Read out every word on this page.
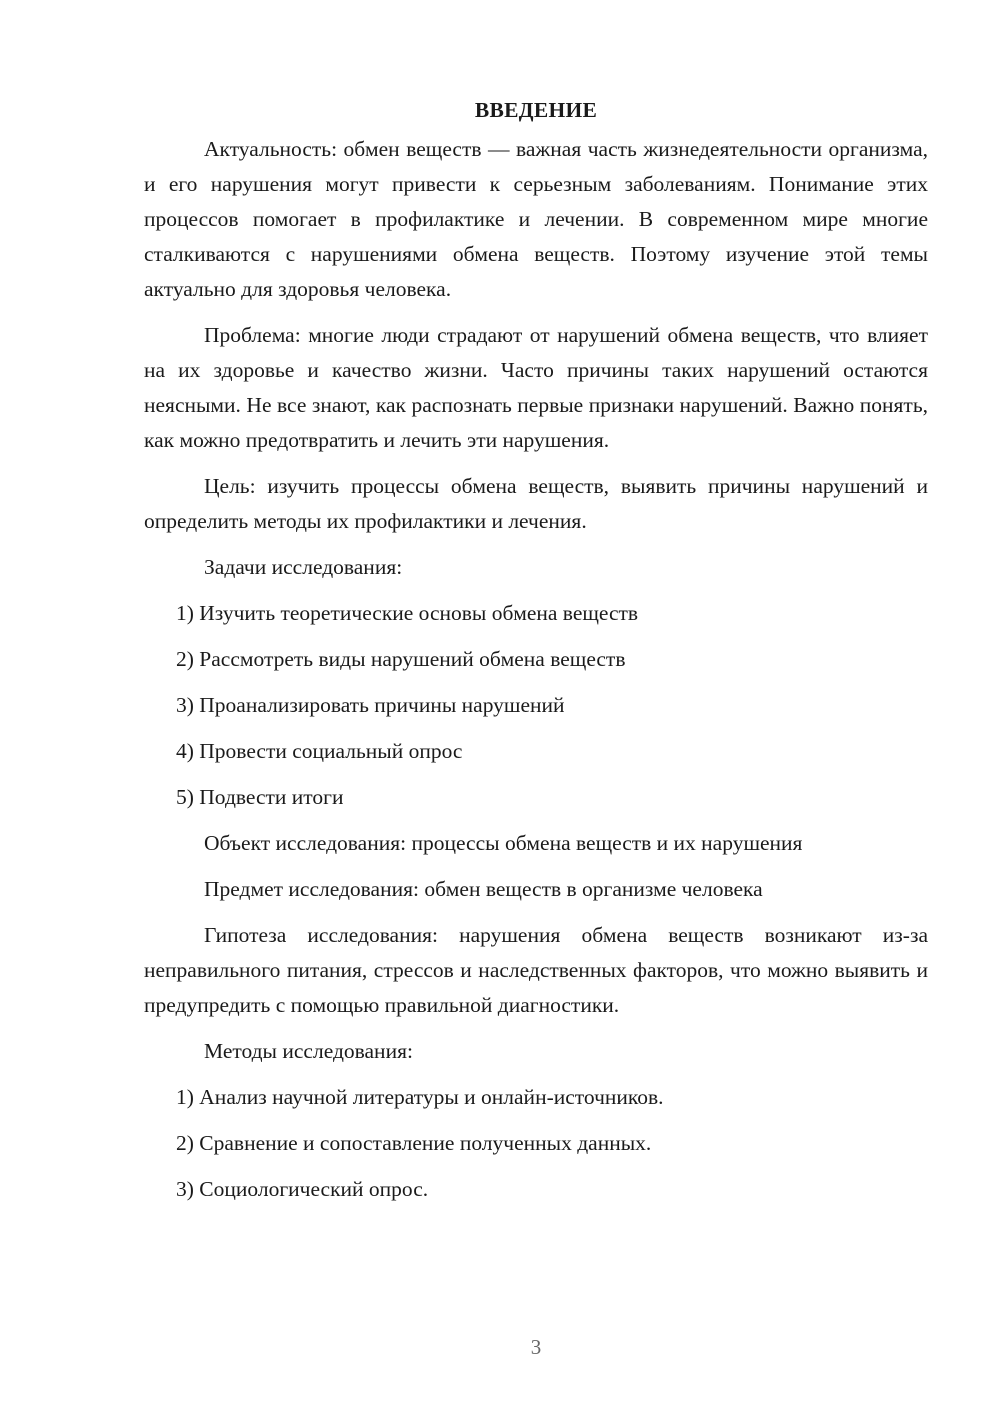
ВВЕДЕНИЕ

Актуальность: обмен веществ — важная часть жизнедеятельности организма, и его нарушения могут привести к серьезным заболеваниям. Понимание этих процессов помогает в профилактике и лечении. В современном мире многие сталкиваются с нарушениями обмена веществ. Поэтому изучение этой темы актуально для здоровья человека.

Проблема: многие люди страдают от нарушений обмена веществ, что влияет на их здоровье и качество жизни. Часто причины таких нарушений остаются неясными. Не все знают, как распознать первые признаки нарушений. Важно понять, как можно предотвратить и лечить эти нарушения.

Цель: изучить процессы обмена веществ, выявить причины нарушений и определить методы их профилактики и лечения.

Задачи исследования:
1) Изучить теоретические основы обмена веществ
2) Рассмотреть виды нарушений обмена веществ
3) Проанализировать причины нарушений
4) Провести социальный опрос
5) Подвести итоги
Объект исследования: процессы обмена веществ и их нарушения
Предмет исследования: обмен веществ в организме человека

Гипотеза исследования: нарушения обмена веществ возникают из-за неправильного питания, стрессов и наследственных факторов, что можно выявить и предупредить с помощью правильной диагностики.

Методы исследования:
1) Анализ научной литературы и онлайн-источников.
2) Сравнение и сопоставление полученных данных.
3) Социологический опрос.
3
